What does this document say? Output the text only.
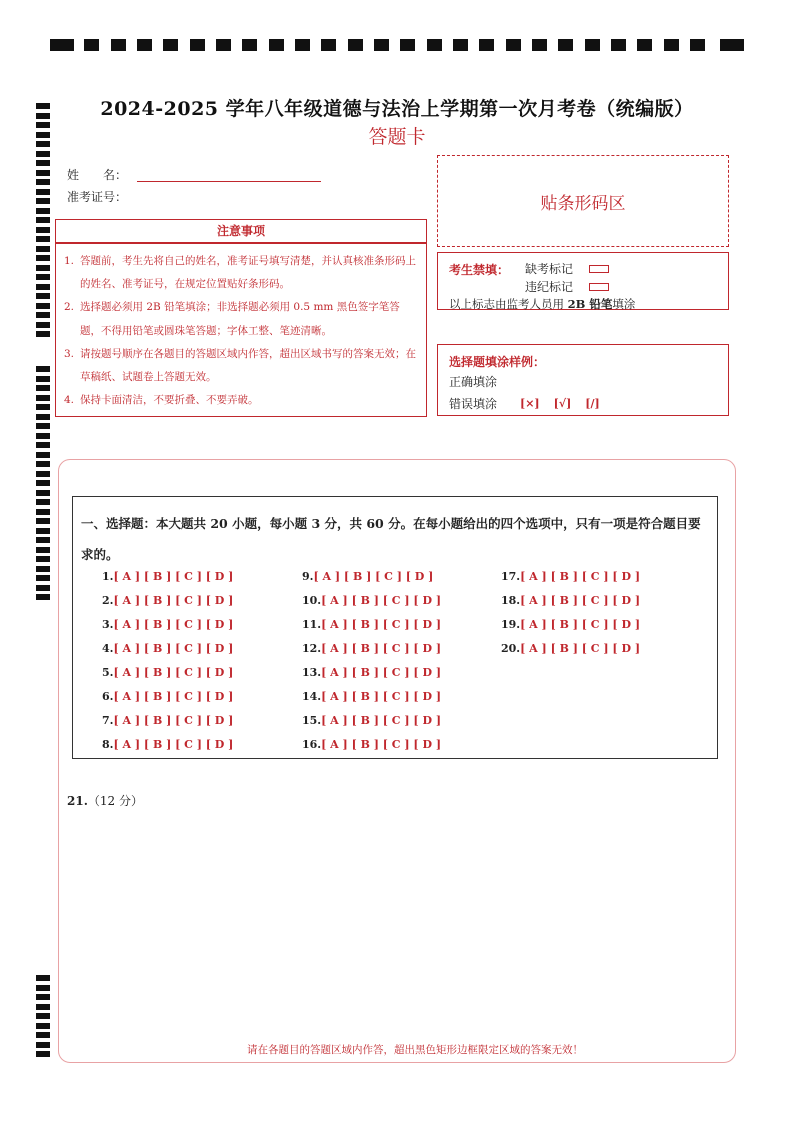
2024-2025 学年八年级道德与法治上学期第一次月考卷（统编版）
答题卡
姓　　名：
准考证号：	贴条形码区
注意事项
1. 答题前，考生先将自己的姓名，准考证号填写清楚，并认真核准条形码上的姓名、准考证号，在规定位置贴好条形码。
2. 选择题必须用 2B 铅笔填涂；非选择题必须用 0.5 mm 黑色签字笔答题，不得用铅笔或圆珠笔答题；字体工整、笔迹清晰。
3. 请按题号顺序在各题目的答题区域内作答，超出区域书写的答案无效；在草稿纸、试题卷上答题无效。
4. 保持卡面清洁，不要折叠、不要弄破。
考生禁填： 缺考标记
违纪标记
以上标志由监考人员用 2B 铅笔填涂
选择题填涂样例：
正确填涂
错误填涂 [×] [√] [/]
一、选择题：本大题共 20 小题，每小题 3 分，共 60 分。在每小题给出的四个选项中，只有一项是符合题目要求的。
1.[ A ] [ B ] [ C ] [ D ]
2.[ A ] [ B ] [ C ] [ D ]
3.[ A ] [ B ] [ C ] [ D ]
4.[ A ] [ B ] [ C ] [ D ]
5.[ A ] [ B ] [ C ] [ D ]
6.[ A ] [ B ] [ C ] [ D ]
7.[ A ] [ B ] [ C ] [ D ]
8.[ A ] [ B ] [ C ] [ D ]
9.[ A ] [ B ] [ C ] [ D ]
10.[ A ] [ B ] [ C ] [ D ]
11.[ A ] [ B ] [ C ] [ D ]
12.[ A ] [ B ] [ C ] [ D ]
13.[ A ] [ B ] [ C ] [ D ]
14.[ A ] [ B ] [ C ] [ D ]
15.[ A ] [ B ] [ C ] [ D ]
16.[ A ] [ B ] [ C ] [ D ]
17.[ A ] [ B ] [ C ] [ D ]
18.[ A ] [ B ] [ C ] [ D ]
19.[ A ] [ B ] [ C ] [ D ]
20.[ A ] [ B ] [ C ] [ D ]
21.（12 分）
请在各题目的答题区域内作答，超出黑色矩形边框限定区域的答案无效！
